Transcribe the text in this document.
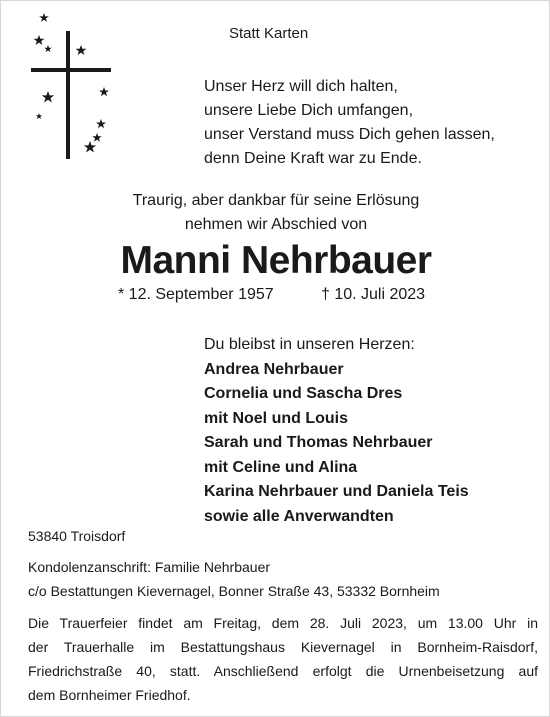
Statt Karten
Unser Herz will dich halten,
unsere Liebe Dich umfangen,
unser Verstand muss Dich gehen lassen,
denn Deine Kraft war zu Ende.
Traurig, aber dankbar für seine Erlösung
nehmen wir Abschied von
Manni Nehrbauer
* 12. September 1957	† 10. Juli 2023
Du bleibst in unseren Herzen:
Andrea Nehrbauer
Cornelia und Sascha Dres
mit Noel und Louis
Sarah und Thomas Nehrbauer
mit Celine und Alina
Karina Nehrbauer und Daniela Teis
sowie alle Anverwandten
53840 Troisdorf
Kondolenzanschrift: Familie Nehrbauer
c/o Bestattungen Kievernagel, Bonner Straße 43, 53332 Bornheim
Die Trauerfeier findet am Freitag, dem 28. Juli 2023, um 13.00 Uhr in
der Trauerhalle im Bestattungshaus Kievernagel in Bornheim-Raisdorf,
Friedrichstraße 40, statt. Anschließend erfolgt die Urnenbeisetzung auf
dem Bornheimer Friedhof.
